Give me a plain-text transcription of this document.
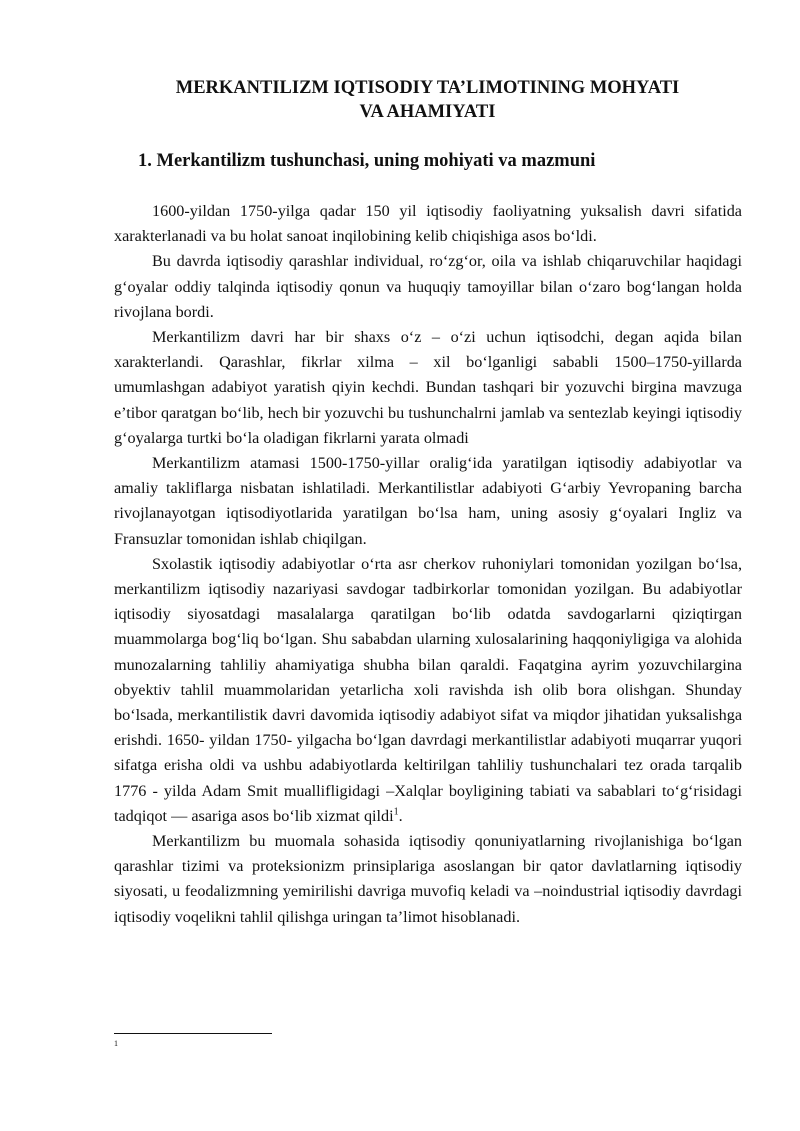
MERKANTILIZM IQTISODIY TA’LIMOTINING MOHYATI
VA AHAMIYATI
1. Merkantilizm tushunchasi, uning mohiyati va mazmuni

1600-yildan 1750-yilga qadar 150 yil iqtisodiy faoliyatning yuksalish davri sifatida xarakterlanadi va bu holat sanoat inqilobining kelib chiqishiga asos bo‘ldi.

Bu davrda iqtisodiy qarashlar individual, ro‘zg‘or, oila va ishlab chiqaruvchilar haqidagi g‘oyalar oddiy talqinda iqtisodiy qonun va huquqiy tamoyillar bilan o‘zaro bog‘langan holda rivojlana bordi.

Merkantilizm davri har bir shaxs o‘z – o‘zi uchun iqtisodchi, degan aqida bilan xarakterlandi. Qarashlar, fikrlar xilma – xil bo‘lganligi sababli 1500–1750-yillarda umumlashgan adabiyot yaratish qiyin kechdi. Bundan tashqari bir yozuvchi birgina mavzuga e’tibor qaratgan bo‘lib, hech bir yozuvchi bu tushunchalrni jamlab va sentezlab keyingi iqtisodiy g‘oyalarga turtki bo‘la oladigan fikrlarni yarata olmadi

Merkantilizm atamasi 1500-1750-yillar oralig‘ida yaratilgan iqtisodiy adabiyotlar va amaliy takliflarga nisbatan ishlatiladi. Merkantilistlar adabiyoti G‘arbiy Yevropaning barcha rivojlanayotgan iqtisodiyotlarida yaratilgan bo‘lsa ham, uning asosiy g‘oyalari Ingliz va Fransuzlar tomonidan ishlab chiqilgan.

Sxolastik iqtisodiy adabiyotlar o‘rta asr cherkov ruhoniylari tomonidan yozilgan bo‘lsa, merkantilizm iqtisodiy nazariyasi savdogar tadbirkorlar tomonidan yozilgan. Bu adabiyotlar iqtisodiy siyosatdagi masalalarga qaratilgan bo‘lib odatda savdogarlarni qiziqtirgan muammolarga bog‘liq bo‘lgan. Shu sababdan ularning xulosalarining haqqoniyligiga va alohida munozalarning tahliliy ahamiyatiga shubha bilan qaraldi. Faqatgina ayrim yozuvchilargina obyektiv tahlil muammolaridan yetarlicha xoli ravishda ish olib bora olishgan. Shunday bo‘lsada, merkantilistik davri davomida iqtisodiy adabiyot sifat va miqdor jihatidan yuksalishga erishdi. 1650- yildan 1750- yilgacha bo‘lgan davrdagi merkantilistlar adabiyoti muqarrar yuqori sifatga erisha oldi va ushbu adabiyotlarda keltirilgan tahliliy tushunchalari tez orada tarqalib 1776 - yilda Adam Smit muallifligidagi –Xalqlar boyligining tabiati va sabablari to‘g‘risidagi tadqiqot — asariga asos bo‘lib xizmat qildi$^1$.

Merkantilizm bu muomala sohasida iqtisodiy qonuniyatlarning rivojlanishiga bo‘lgan qarashlar tizimi va proteksionizm prinsiplariga asoslangan bir qator davlatlarning iqtisodiy siyosati, u feodalizmning yemirilishi davriga muvofiq keladi va –noindustrial iqtisodiy davrdagi iqtisodiy voqelikni tahlil qilishga uringan ta’limot hisoblanadi.

1
